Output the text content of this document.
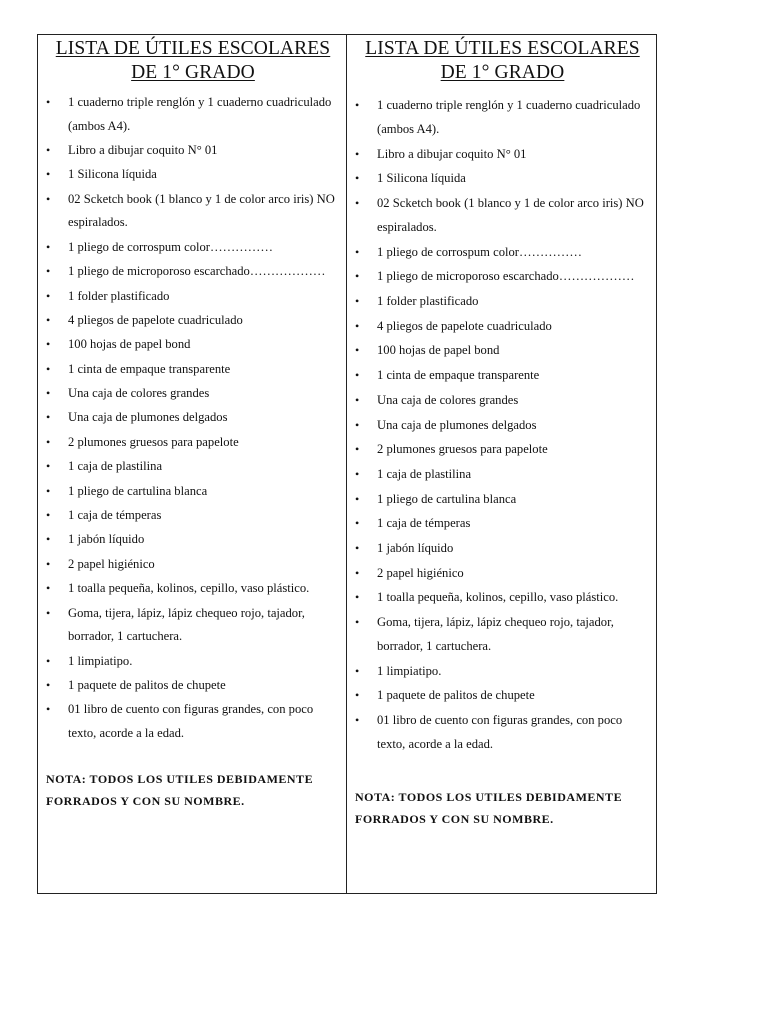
LISTA DE ÚTILES ESCOLARES
DE 1° GRADO
• 1 cuaderno triple renglón y 1 cuaderno cuadriculado (ambos A4).
• Libro a dibujar coquito N° 01
• 1 Silicona líquida
• 02 Scketch book (1 blanco y 1 de color arco iris) NO espiralados.
• 1 pliego de corrospum color……………
• 1 pliego de microporoso escarchado………………
• 1 folder plastificado
• 4 pliegos de papelote cuadriculado
• 100 hojas de papel bond
• 1 cinta de empaque transparente
• Una caja de colores grandes
• Una caja de plumones delgados
• 2 plumones gruesos para papelote
• 1 caja de plastilina
• 1 pliego de cartulina blanca
• 1 caja de témperas
• 1 jabón líquido
• 2 papel higiénico
• 1 toalla pequeña, kolinos, cepillo, vaso plástico.
• Goma, tijera, lápiz, lápiz chequeo rojo, tajador, borrador, 1 cartuchera.
• 1 limpiatipo.
• 1 paquete de palitos de chupete
• 01 libro de cuento con figuras grandes, con poco texto, acorde a la edad.

NOTA: TODOS LOS UTILES DEBIDAMENTE FORRADOS Y CON SU NOMBRE.

LISTA DE ÚTILES ESCOLARES
DE 1° GRADO
• 1 cuaderno triple renglón y 1 cuaderno cuadriculado (ambos A4).
• Libro a dibujar coquito N° 01
• 1 Silicona líquida
• 02 Scketch book (1 blanco y 1 de color arco iris) NO espiralados.
• 1 pliego de corrospum color……………
• 1 pliego de microporoso escarchado………………
• 1 folder plastificado
• 4 pliegos de papelote cuadriculado
• 100 hojas de papel bond
• 1 cinta de empaque transparente
• Una caja de colores grandes
• Una caja de plumones delgados
• 2 plumones gruesos para papelote
• 1 caja de plastilina
• 1 pliego de cartulina blanca
• 1 caja de témperas
• 1 jabón líquido
• 2 papel higiénico
• 1 toalla pequeña, kolinos, cepillo, vaso plástico.
• Goma, tijera, lápiz, lápiz chequeo rojo, tajador, borrador, 1 cartuchera.
• 1 limpiatipo.
• 1 paquete de palitos de chupete
• 01 libro de cuento con figuras grandes, con poco texto, acorde a la edad.

NOTA: TODOS LOS UTILES DEBIDAMENTE FORRADOS Y CON SU NOMBRE.
